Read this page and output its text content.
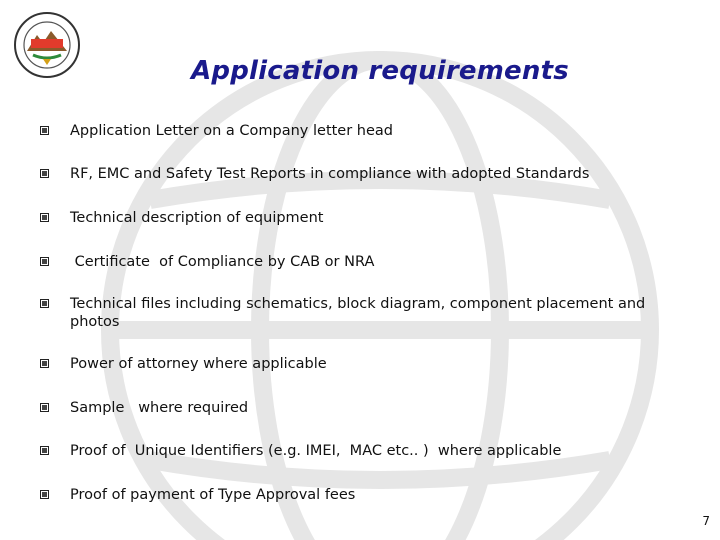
Application requirements
Application Letter on a Company letter head
RF, EMC and Safety Test Reports in compliance with adopted Standards
Technical description of equipment
Certificate  of Compliance by CAB or NRA
Technical files including schematics, block diagram, component placement and photos
Power of attorney where applicable
Sample   where required
Proof of  Unique Identifiers (e.g. IMEI,  MAC etc.. )  where applicable
Proof of payment of Type Approval fees
7
